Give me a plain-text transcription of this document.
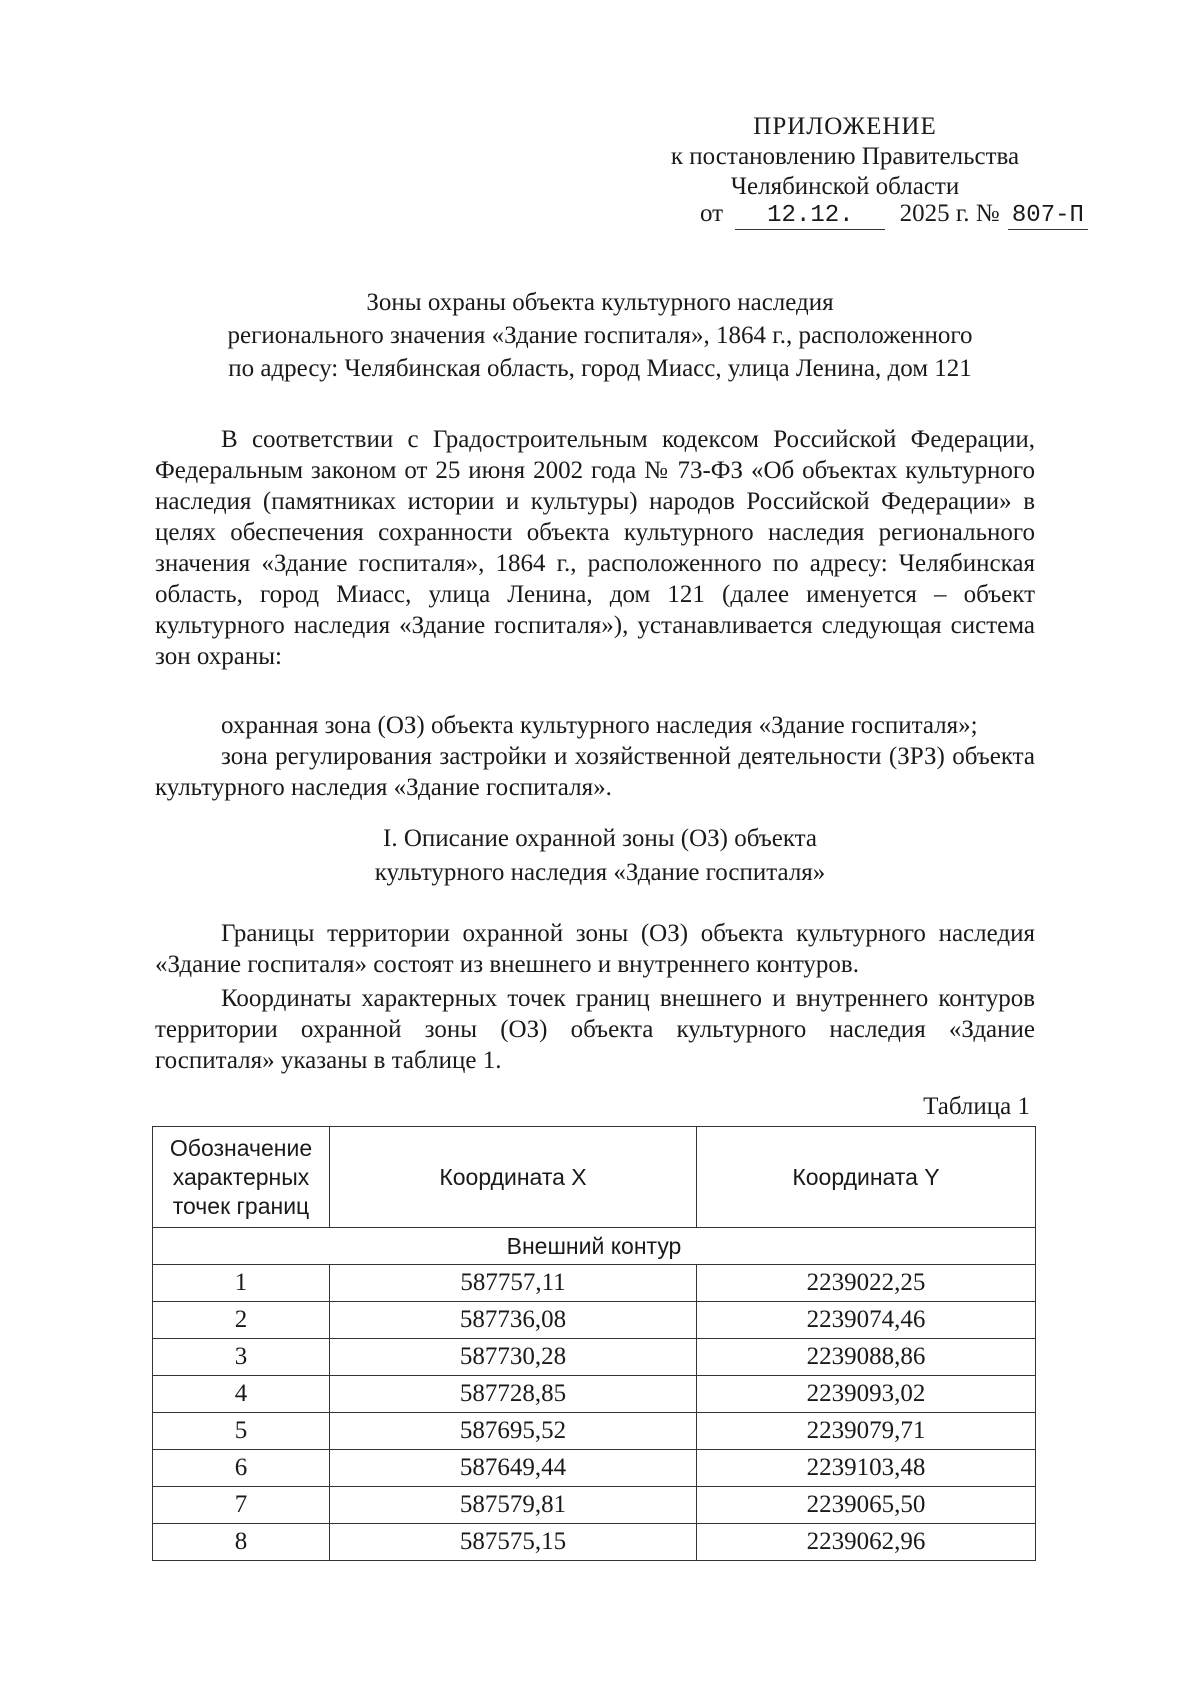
ПРИЛОЖЕНИЕ
к постановлению Правительства
Челябинской области
от 12.12. 2025 г. № 807-П
Зоны охраны объекта культурного наследия
регионального значения «Здание госпиталя», 1864 г., расположенного
по адресу: Челябинская область, город Миасс, улица Ленина, дом 121

В соответствии с Градостроительным кодексом Российской Федерации, Федеральным законом от 25 июня 2002 года № 73-ФЗ «Об объектах культурного наследия (памятниках истории и культуры) народов Российской Федерации» в целях обеспечения сохранности объекта культурного наследия регионального значения «Здание госпиталя», 1864 г., расположенного по адресу: Челябинская область, город Миасс, улица Ленина, дом 121 (далее именуется – объект культурного наследия «Здание госпиталя»), устанавливается следующая система зон охраны:

охранная зона (ОЗ) объекта культурного наследия «Здание госпиталя»;

зона регулирования застройки и хозяйственной деятельности (ЗРЗ) объекта культурного наследия «Здание госпиталя».

I. Описание охранной зоны (ОЗ) объекта
культурного наследия «Здание госпиталя»

Границы территории охранной зоны (ОЗ) объекта культурного наследия «Здание госпиталя» состоят из внешнего и внутреннего контуров.

Координаты характерных точек границ внешнего и внутреннего контуров территории охранной зоны (ОЗ) объекта культурного наследия «Здание госпиталя» указаны в таблице 1.

Таблица 1
Обозначение характерных точек границ	Координата X	Координата Y
Внешний контур		
1	587757,11	2239022,25
2	587736,08	2239074,46
3	587730,28	2239088,86
4	587728,85	2239093,02
5	587695,52	2239079,71
6	587649,44	2239103,48
7	587579,81	2239065,50
8	587575,15	2239062,96
